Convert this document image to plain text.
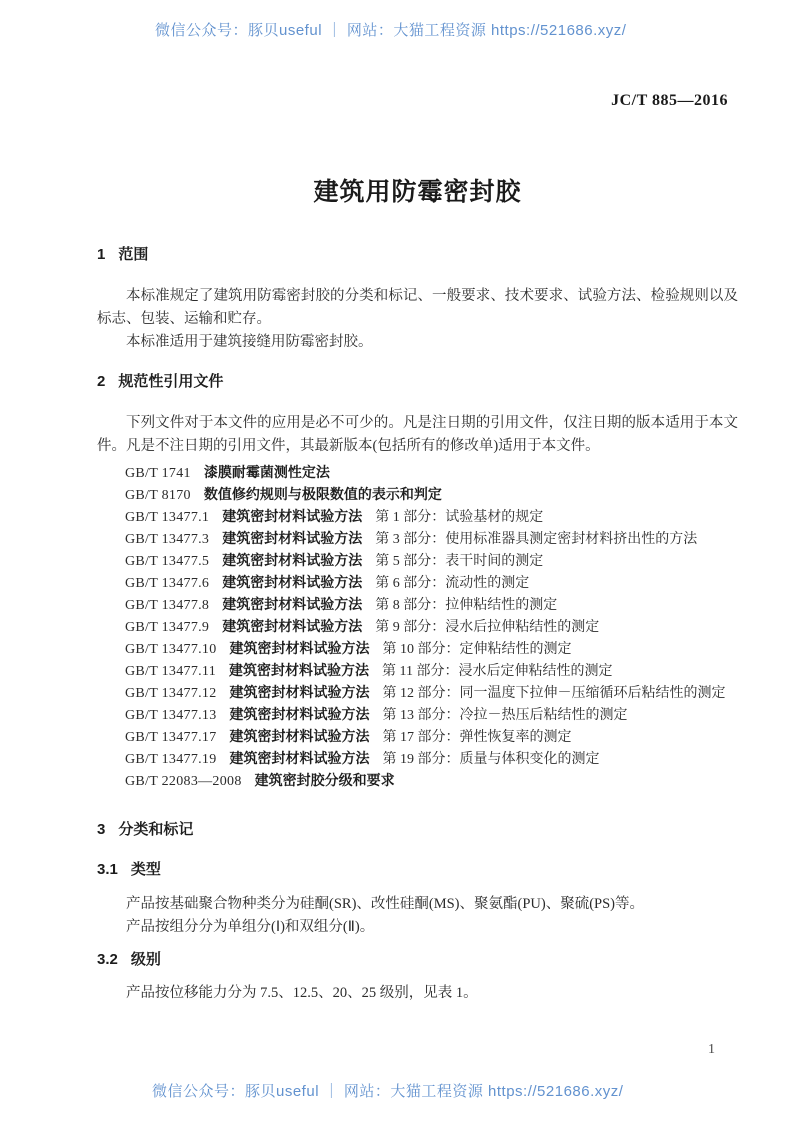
微信公众号：豚贝useful ｜ 网站：大猫工程资源 https://521686.xyz/
JC/T 885—2016
建筑用防霉密封胶
1 范围

本标准规定了建筑用防霉密封胶的分类和标记、一般要求、技术要求、试验方法、检验规则以及标志、包装、运输和贮存。

本标准适用于建筑接缝用防霉密封胶。

2 规范性引用文件

下列文件对于本文件的应用是必不可少的。凡是注日期的引用文件，仅注日期的版本适用于本文件。凡是不注日期的引用文件，其最新版本(包括所有的修改单)适用于本文件。

GB/T 1741 漆膜耐霉菌测性定法
GB/T 8170 数值修约规则与极限数值的表示和判定
GB/T 13477.1 建筑密封材料试验方法 第 1 部分：试验基材的规定
GB/T 13477.3 建筑密封材料试验方法 第 3 部分：使用标准器具测定密封材料挤出性的方法
GB/T 13477.5 建筑密封材料试验方法 第 5 部分：表干时间的测定
GB/T 13477.6 建筑密封材料试验方法 第 6 部分：流动性的测定
GB/T 13477.8 建筑密封材料试验方法 第 8 部分：拉伸粘结性的测定
GB/T 13477.9 建筑密封材料试验方法 第 9 部分：浸水后拉伸粘结性的测定
GB/T 13477.10 建筑密封材料试验方法 第 10 部分：定伸粘结性的测定
GB/T 13477.11 建筑密封材料试验方法 第 11 部分：浸水后定伸粘结性的测定
GB/T 13477.12 建筑密封材料试验方法 第 12 部分：同一温度下拉伸－压缩循环后粘结性的测定
GB/T 13477.13 建筑密封材料试验方法 第 13 部分：冷拉－热压后粘结性的测定
GB/T 13477.17 建筑密封材料试验方法 第 17 部分：弹性恢复率的测定
GB/T 13477.19 建筑密封材料试验方法 第 19 部分：质量与体积变化的测定
GB/T 22083—2008 建筑密封胶分级和要求
3 分类和标记
3.1 类型

产品按基础聚合物种类分为硅酮(SR)、改性硅酮(MS)、聚氨酯(PU)、聚硫(PS)等。

产品按组分分为单组分(Ⅰ)和双组分(Ⅱ)。

3.2 级别

产品按位移能力分为 7.5、12.5、20、25 级别，见表 1。

1
微信公众号：豚贝useful ｜ 网站：大猫工程资源 https://521686.xyz/
